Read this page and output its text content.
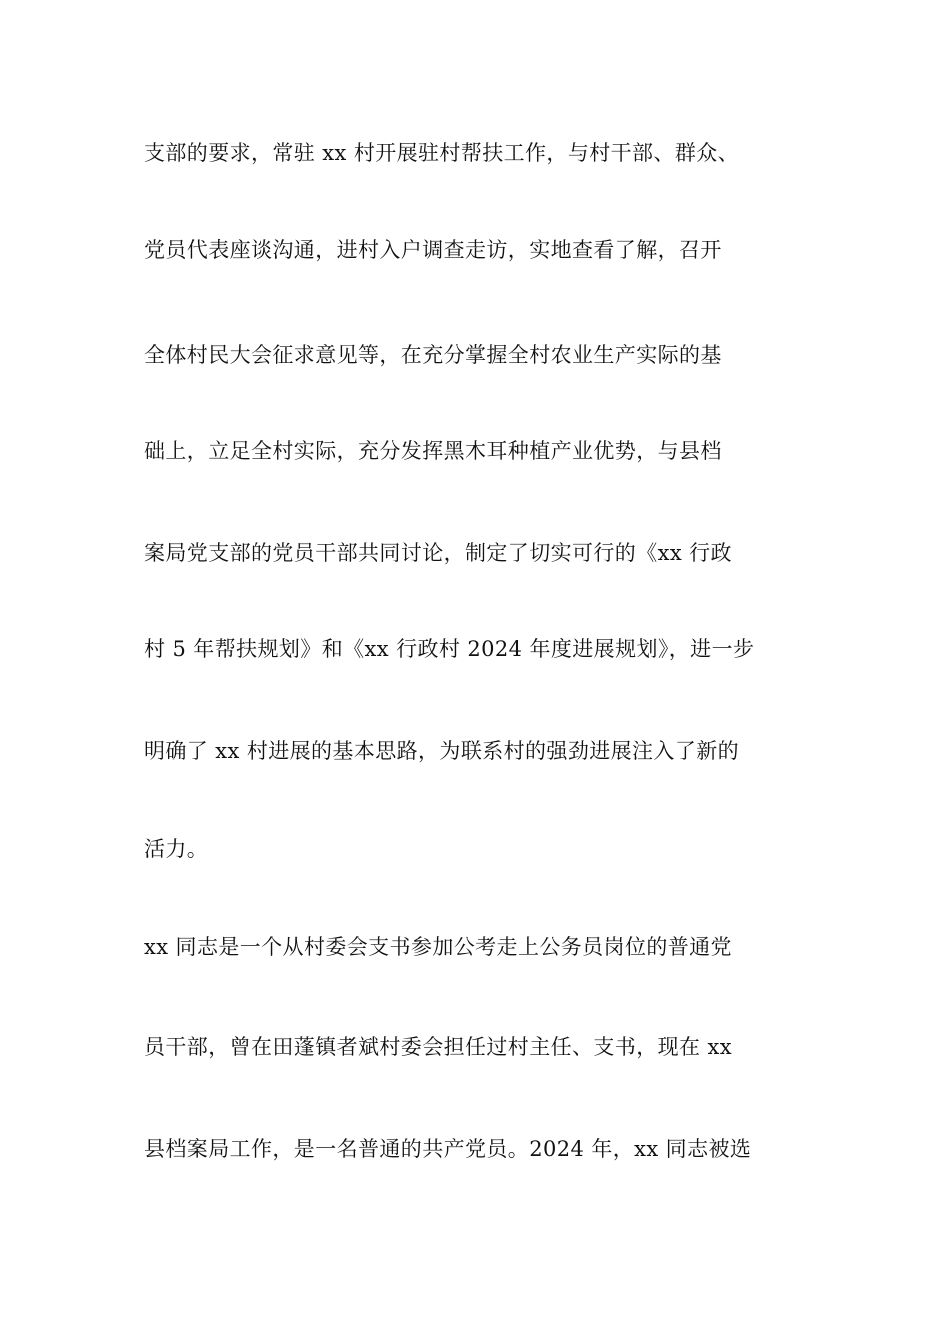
支部的要求，常驻 xx 村开展驻村帮扶工作，与村干部、群众、
党员代表座谈沟通，进村入户调查走访，实地查看了解，召开
全体村民大会征求意见等，在充分掌握全村农业生产实际的基
础上，立足全村实际，充分发挥黑木耳种植产业优势，与县档
案局党支部的党员干部共同讨论，制定了切实可行的《xx 行政
村 5 年帮扶规划》和《xx 行政村 2024 年度进展规划》，进一步
明确了 xx 村进展的基本思路，为联系村的强劲进展注入了新的
活力。
xx 同志是一个从村委会支书参加公考走上公务员岗位的普通党
员干部，曾在田蓬镇者斌村委会担任过村主任、支书，现在 xx
县档案局工作，是一名普通的共产党员。2024 年，xx 同志被选
